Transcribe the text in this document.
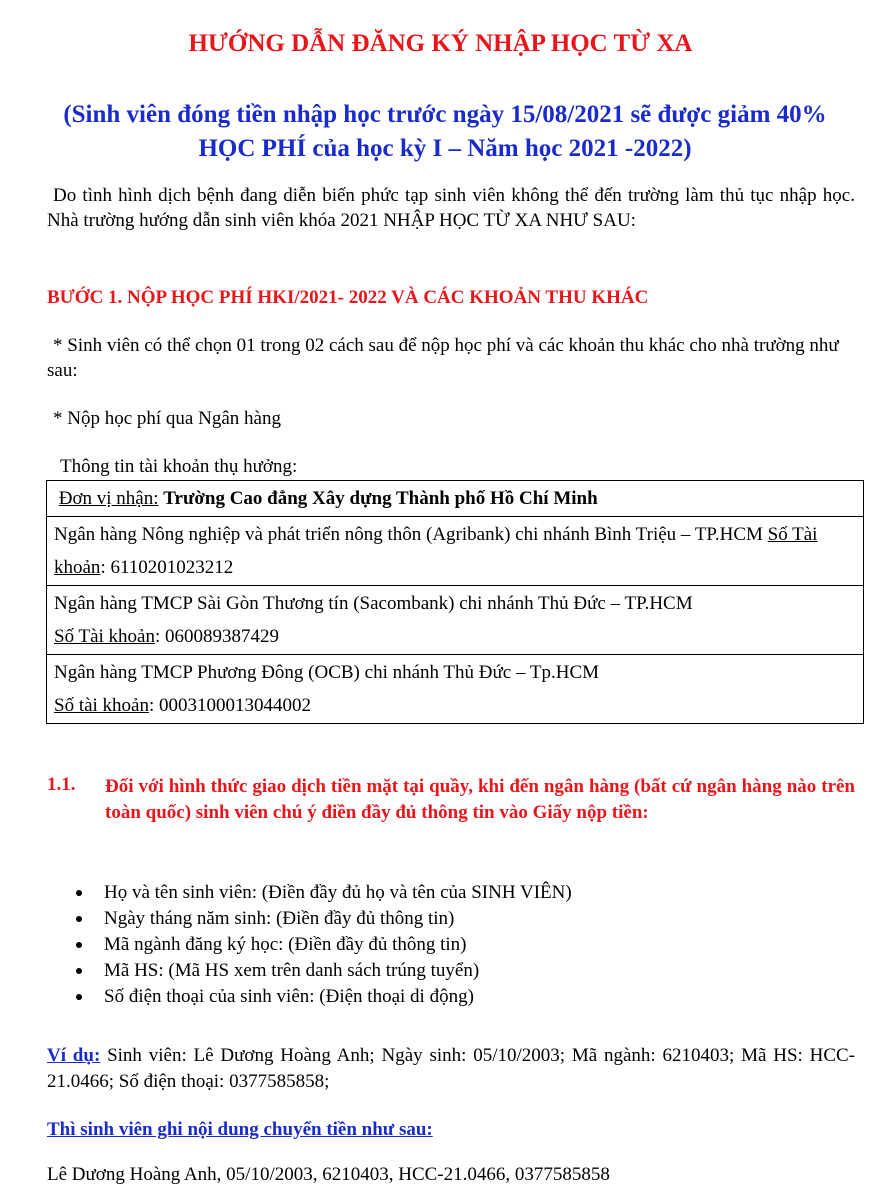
HƯỚNG DẪN ĐĂNG KÝ NHẬP HỌC TỪ XA
(Sinh viên đóng tiền nhập học trước ngày 15/08/2021 sẽ được giảm 40% HỌC PHÍ của học kỳ I – Năm học 2021 -2022)
Do tình hình dịch bệnh đang diễn biến phức tạp sinh viên không thể đến trường làm thủ tục nhập học. Nhà trường hướng dẫn sinh viên khóa 2021 NHẬP HỌC TỪ XA NHƯ SAU:
BƯỚC 1. NỘP HỌC PHÍ HKI/2021- 2022 VÀ CÁC KHOẢN THU KHÁC
* Sinh viên có thể chọn 01 trong 02 cách sau để nộp học phí và các khoản thu khác cho nhà trường như sau:
* Nộp học phí qua Ngân hàng
Thông tin tài khoản thụ hưởng:
Đơn vị nhận: Trường Cao đẳng Xây dựng Thành phố Hồ Chí Minh
Ngân hàng Nông nghiệp và phát triển nông thôn (Agribank) chi nhánh Bình Triệu – TP.HCM Số Tài khoản: 6110201023212
Ngân hàng TMCP Sài Gòn Thương tín (Sacombank) chi nhánh Thủ Đức – TP.HCM
Số Tài khoản: 060089387429
Ngân hàng TMCP Phương Đông (OCB) chi nhánh Thủ Đức – Tp.HCM
Số tài khoản: 0003100013044002
1.1. Đối với hình thức giao dịch tiền mặt tại quầy, khi đến ngân hàng (bất cứ ngân hàng nào trên toàn quốc) sinh viên chú ý điền đầy đủ thông tin vào Giấy nộp tiền:
Họ và tên sinh viên: (Điền đầy đủ họ và tên của SINH VIÊN)
Ngày tháng năm sinh: (Điền đầy đủ thông tin)
Mã ngành đăng ký học: (Điền đầy đủ thông tin)
Mã HS: (Mã HS xem trên danh sách trúng tuyển)
Số điện thoại của sinh viên: (Điện thoại di động)
Ví dụ: Sinh viên: Lê Dương Hoàng Anh; Ngày sinh: 05/10/2003; Mã ngành: 6210403; Mã HS: HCC-21.0466; Số điện thoại: 0377585858;
Thì sinh viên ghi nội dung chuyển tiền như sau:
Lê Dương Hoàng Anh, 05/10/2003, 6210403, HCC-21.0466, 0377585858
